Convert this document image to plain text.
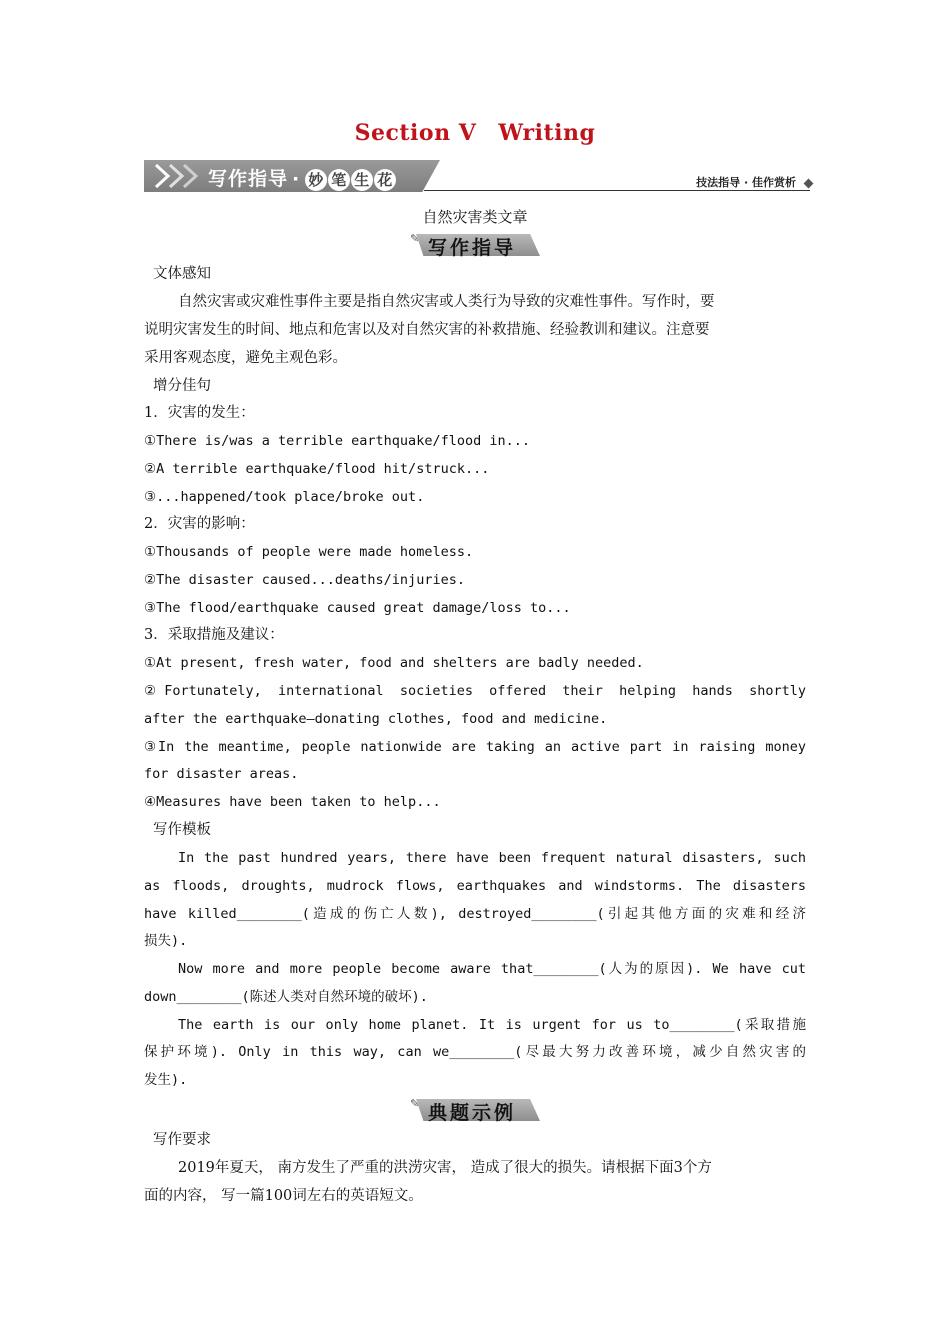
Section Ⅴ Writing
写作指导 · 妙 笔 生 花	技法指导 · 佳作赏析
自然灾害类文章
✎ 写作指导
✎ 典题示例
文体感知
自然灾害或灾难性事件主要是指自然灾害或人类行为导致的灾难性事件。写作时，要
说明灾害发生的时间、地点和危害以及对自然灾害的补救措施、经验教训和建议。注意要
采用客观态度，避免主观色彩。
增分佳句
1．灾害的发生：
①There is/was a terrible earthquake/flood in...
②A terrible earthquake/flood hit/struck...
③...happened/took place/broke out.
2．灾害的影响：
①Thousands of people were made homeless.
②The disaster caused...deaths/injuries.
③The flood/earthquake caused great damage/loss to...
3．采取措施及建议：
①At present, fresh water, food and shelters are badly needed.
②Fortunately, international societies offered their helping hands shortly
after the earthquake—donating clothes, food and medicine.
③In the meantime, people nationwide are taking an active part in raising money
for disaster areas.
④Measures have been taken to help...
写作模板
In the past hundred years, there have been frequent natural disasters, such
as floods, droughts, mudrock flows, earthquakes and windstorms. The disasters
have killed________(造成的伤亡人数), destroyed________(引起其他方面的灾难和经济
损失).
Now more and more people become aware that________(人为的原因). We have cut
down________(陈述人类对自然环境的破坏).
The earth is our only home planet. It is urgent for us to________(采取措施
保护环境). Only in this way, can we________(尽最大努力改善环境，减少自然灾害的
发生).
写作要求
2019年夏天， 南方发生了严重的洪涝灾害， 造成了很大的损失。请根据下面3个方
面的内容， 写一篇100词左右的英语短文。
